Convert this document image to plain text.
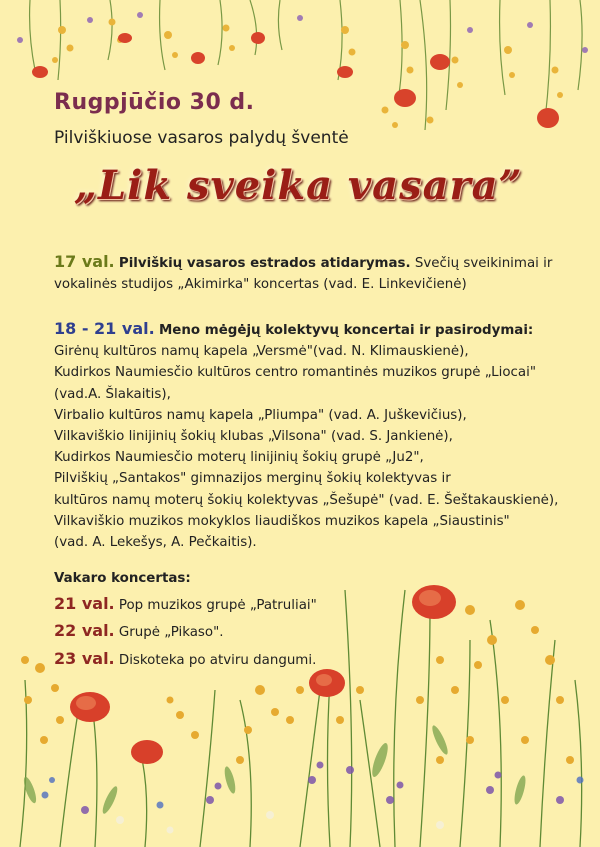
Rugpjūčio 30 d.
Pilviškiuose vasaros palydų šventė
„Lik sveika vasara”
17 val. Pilviškių vasaros estrados atidarymas. Svečių sveikinimai ir
vokalinės studijos „Akimirka" koncertas (vad. E. Linkevičienė)
18 - 21 val. Meno mėgėjų kolektyvų koncertai ir pasirodymai:
Girėnų kultūros namų kapela „Versmė"(vad. N. Klimauskienė),
Kudirkos Naumiesčio kultūros centro romantinės muzikos grupė „Liocai"
(vad.A. Šlakaitis),
Virbalio kultūros namų kapela „Pliumpa" (vad. A. Juškevičius),
Vilkaviškio linijinių šokių klubas „Vilsona" (vad. S. Jankienė),
Kudirkos Naumiesčio moterų linijinių šokių grupė „Ju2",
Pilviškių „Santakos" gimnazijos merginų šokių kolektyvas ir
kultūros namų moterų šokių kolektyvas „Šešupė" (vad. E. Šeštakauskienė),
Vilkaviškio muzikos mokyklos liaudiškos muzikos kapela „Siaustinis"
(vad. A. Lekešys, A. Pečkaitis).
Vakaro koncertas:
21 val. Pop muzikos grupė „Patruliai"
22 val. Grupė „Pikaso".
23 val. Diskoteka po atviru dangumi.
